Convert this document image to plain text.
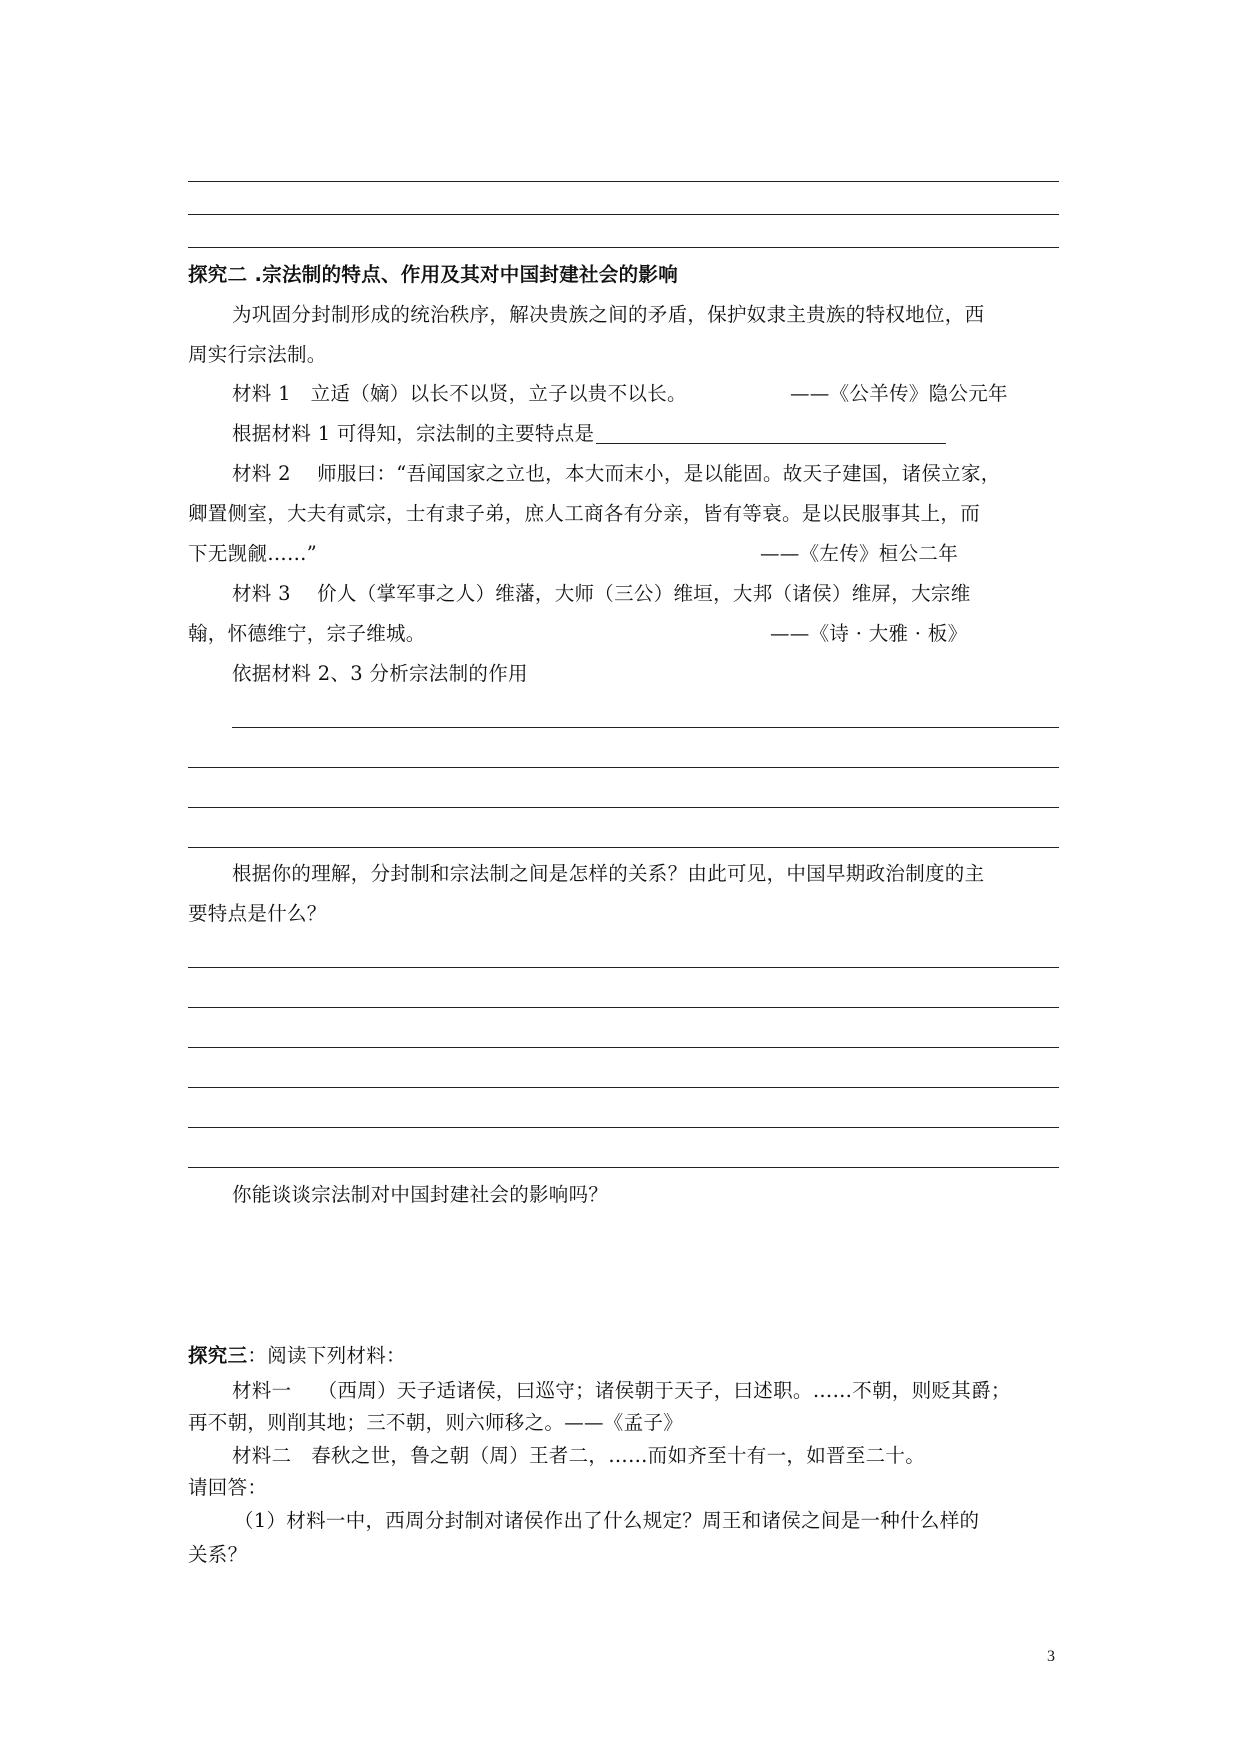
探究二 .宗法制的特点、作用及其对中国封建社会的影响
为巩固分封制形成的统治秩序，解决贵族之间的矛盾，保护奴隶主贵族的特权地位，西
周实行宗法制。
材料 1　立适（嫡）以长不以贤，立子以贵不以长。	——《公羊传》隐公元年
根据材料 1 可得知，宗法制的主要特点是
材料 2　 师服曰：“吾闻国家之立也，本大而末小，是以能固。故天子建国，诸侯立家，
卿置侧室，大夫有贰宗，士有隶子弟，庶人工商各有分亲，皆有等衰。是以民服事其上，而
下无觊觎……”	——《左传》桓公二年
材料 3　 价人（掌军事之人）维藩，大师（三公）维垣，大邦（诸侯）维屏，大宗维
翰，怀德维宁，宗子维城。	——《诗 · 大雅 · 板》
依据材料 2、3 分析宗法制的作用
根据你的理解，分封制和宗法制之间是怎样的关系？由此可见，中国早期政治制度的主
要特点是什么？
你能谈谈宗法制对中国封建社会的影响吗？
探究三：阅读下列材料：
材料一　 （西周）天子适诸侯，曰巡守；诸侯朝于天子，曰述职。……不朝，则贬其爵；
再不朝，则削其地；三不朝，则六师移之。——《孟子》
材料二　春秋之世，鲁之朝（周）王者二，……而如齐至十有一，如晋至二十。
请回答：
（1）材料一中，西周分封制对诸侯作出了什么规定？周王和诸侯之间是一种什么样的
关系？
3
